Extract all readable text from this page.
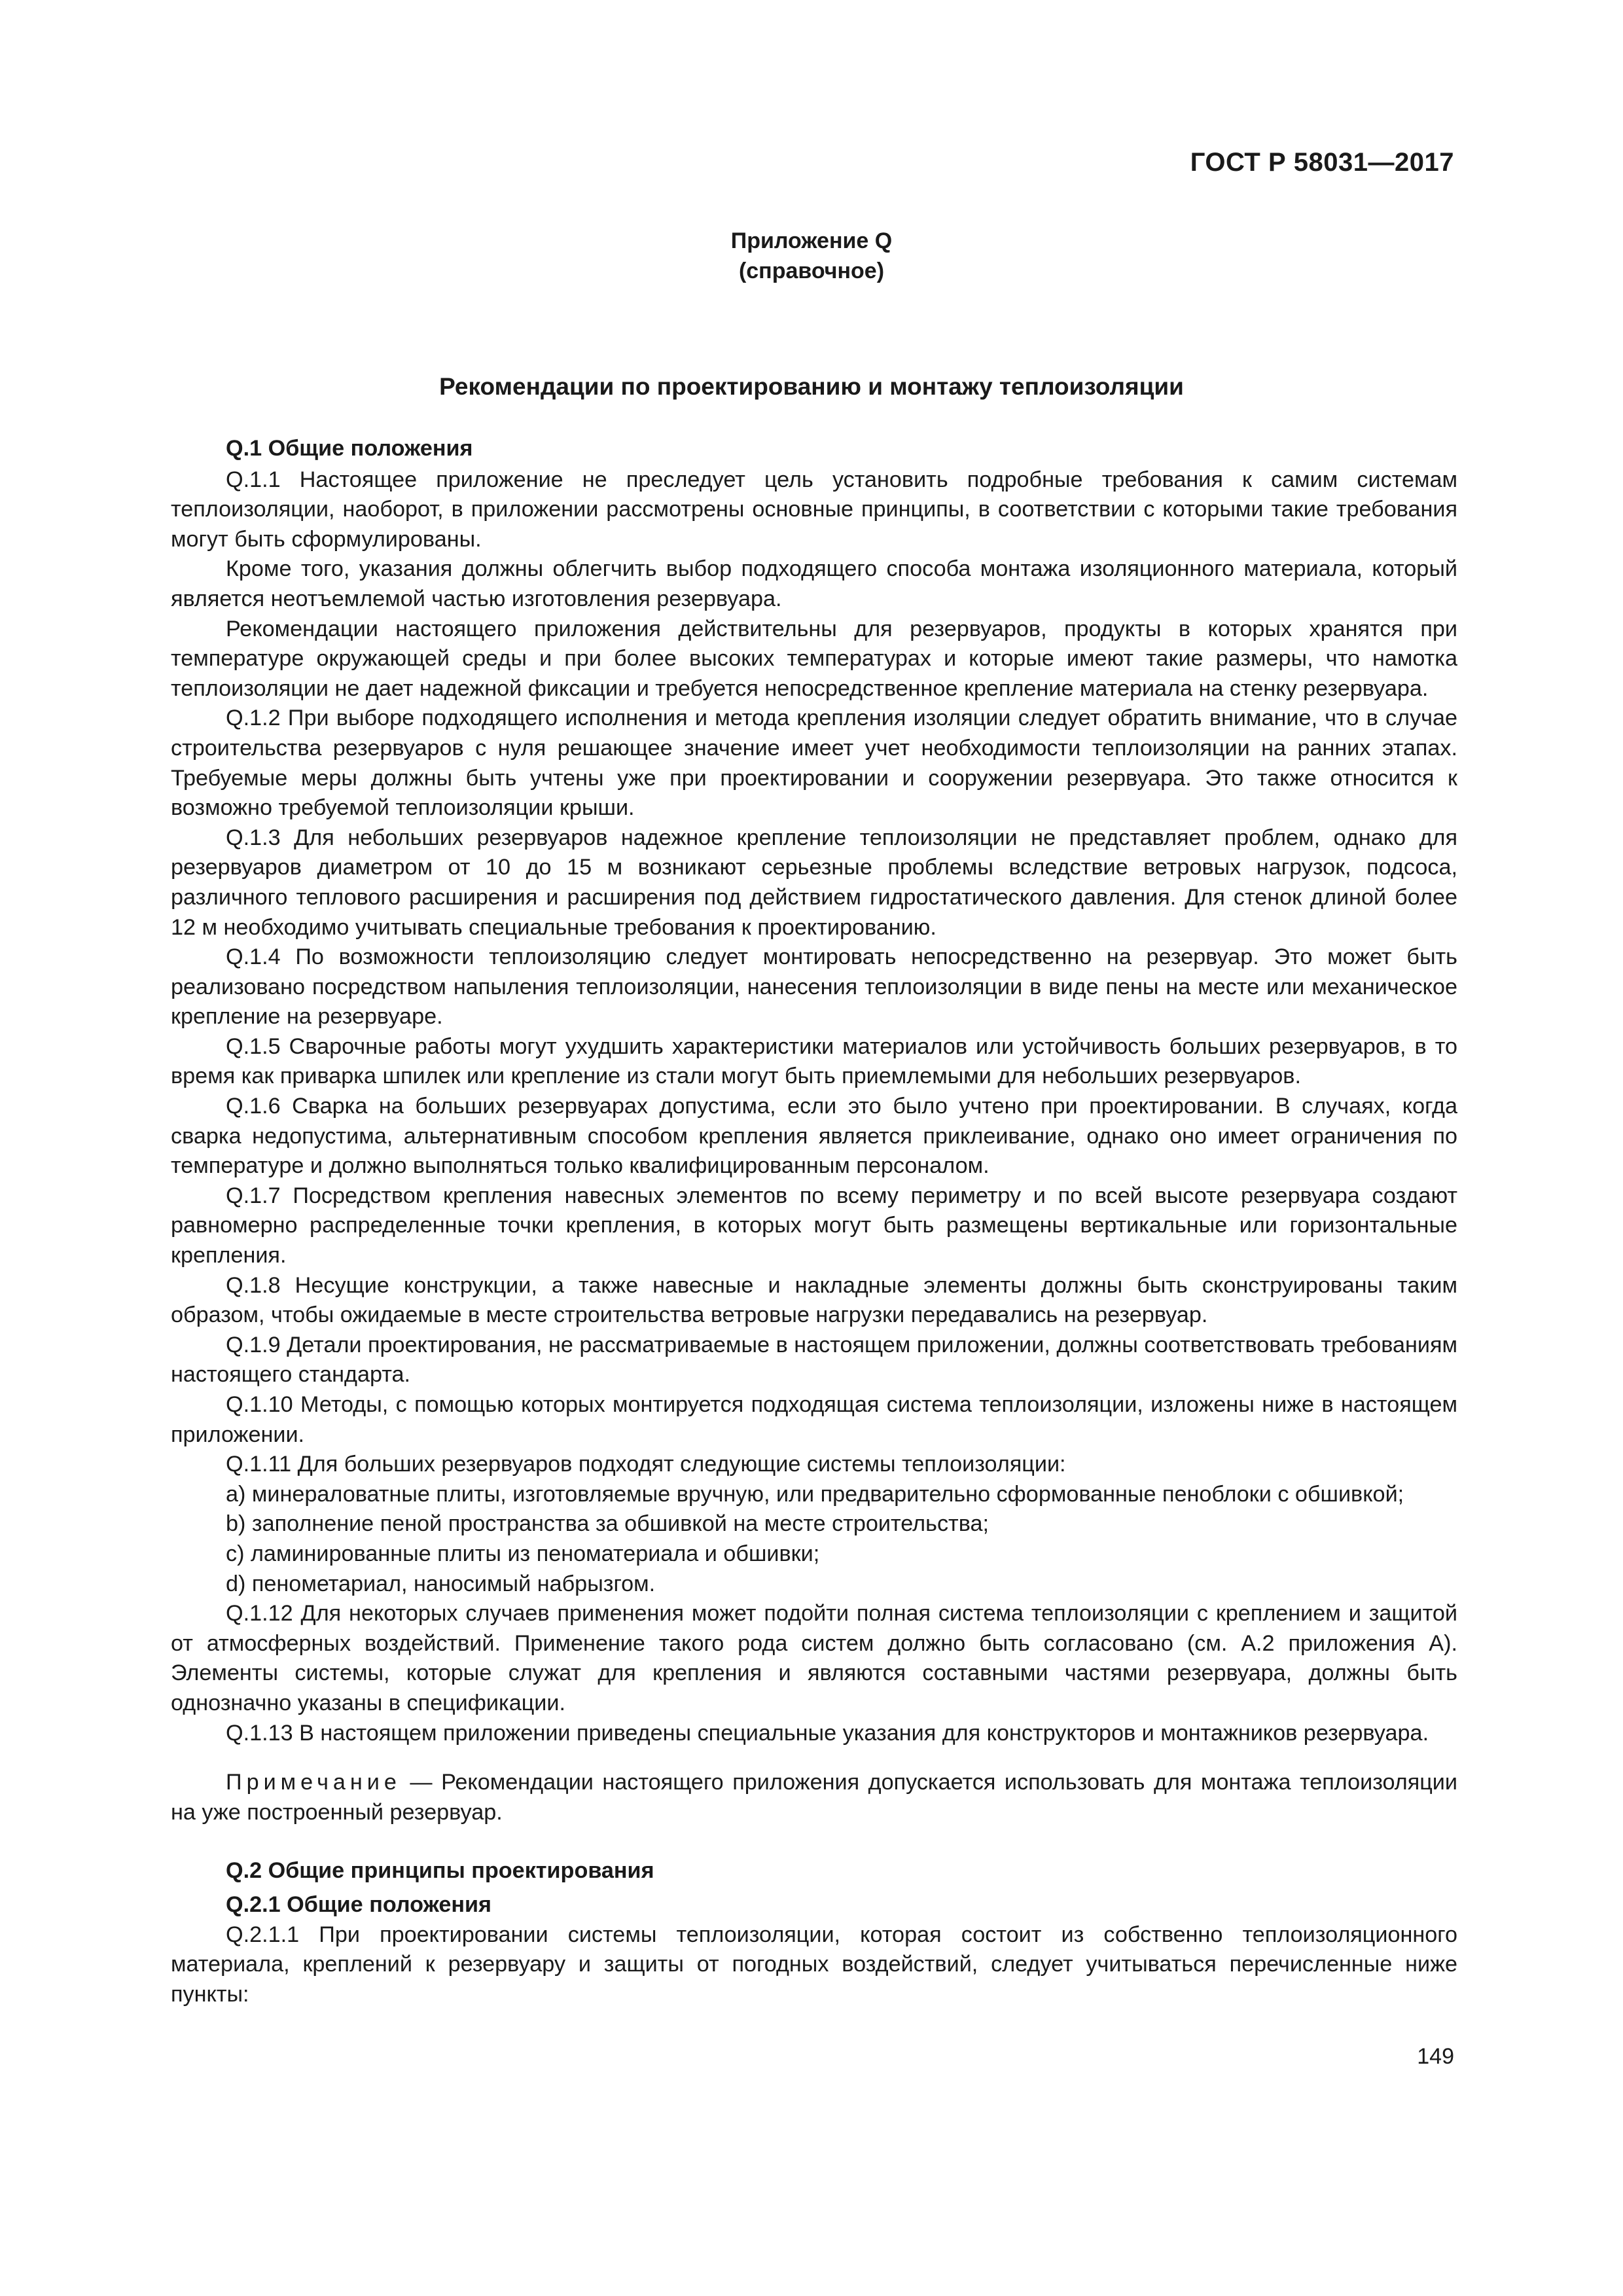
ГОСТ Р 58031—2017
Приложение Q
(справочное)
Рекомендации по проектированию и монтажу теплоизоляции

Q.1 Общие положения

Q.1.1 Настоящее приложение не преследует цель установить подробные требования к самим системам теплоизоляции, наоборот, в приложении рассмотрены основные принципы, в соответствии с которыми такие требования могут быть сформулированы.

Кроме того, указания должны облегчить выбор подходящего способа монтажа изоляционного материала, который является неотъемлемой частью изготовления резервуара.

Рекомендации настоящего приложения действительны для резервуаров, продукты в которых хранятся при температуре окружающей среды и при более высоких температурах и которые имеют такие размеры, что намотка теплоизоляции не дает надежной фиксации и требуется непосредственное крепление материала на стенку резервуара.

Q.1.2 При выборе подходящего исполнения и метода крепления изоляции следует обратить внимание, что в случае строительства резервуаров с нуля решающее значение имеет учет необходимости теплоизоляции на ранних этапах. Требуемые меры должны быть учтены уже при проектировании и сооружении резервуара. Это также относится к возможно требуемой теплоизоляции крыши.

Q.1.3 Для небольших резервуаров надежное крепление теплоизоляции не представляет проблем, однако для резервуаров диаметром от 10 до 15 м возникают серьезные проблемы вследствие ветровых нагрузок, подсоса, различного теплового расширения и расширения под действием гидростатического давления. Для стенок длиной более 12 м необходимо учитывать специальные требования к проектированию.

Q.1.4 По возможности теплоизоляцию следует монтировать непосредственно на резервуар. Это может быть реализовано посредством напыления теплоизоляции, нанесения теплоизоляции в виде пены на месте или механическое крепление на резервуаре.

Q.1.5 Сварочные работы могут ухудшить характеристики материалов или устойчивость больших резервуаров, в то время как приварка шпилек или крепление из стали могут быть приемлемыми для небольших резервуаров.

Q.1.6 Сварка на больших резервуарах допустима, если это было учтено при проектировании. В случаях, когда сварка недопустима, альтернативным способом крепления является приклеивание, однако оно имеет ограничения по температуре и должно выполняться только квалифицированным персоналом.

Q.1.7 Посредством крепления навесных элементов по всему периметру и по всей высоте резервуара создают равномерно распределенные точки крепления, в которых могут быть размещены вертикальные или горизонтальные крепления.

Q.1.8 Несущие конструкции, а также навесные и накладные элементы должны быть сконструированы таким образом, чтобы ожидаемые в месте строительства ветровые нагрузки передавались на резервуар.

Q.1.9 Детали проектирования, не рассматриваемые в настоящем приложении, должны соответствовать требованиям настоящего стандарта.

Q.1.10 Методы, с помощью которых монтируется подходящая система теплоизоляции, изложены ниже в настоящем приложении.

Q.1.11 Для больших резервуаров подходят следующие системы теплоизоляции:

a) минераловатные плиты, изготовляемые вручную, или предварительно сформованные пеноблоки с обшивкой;

b) заполнение пеной пространства за обшивкой на месте строительства;

c) ламинированные плиты из пеноматериала и обшивки;

d) пенометариал, наносимый набрызгом.

Q.1.12 Для некоторых случаев применения может подойти полная система теплоизоляции с креплением и защитой от атмосферных воздействий. Применение такого рода систем должно быть согласовано (см. А.2 приложения А). Элементы системы, которые служат для крепления и являются составными частями резервуара, должны быть однозначно указаны в спецификации.

Q.1.13 В настоящем приложении приведены специальные указания для конструкторов и монтажников резервуара.

Примечание — Рекомендации настоящего приложения допускается использовать для монтажа теплоизоляции на уже построенный резервуар.

Q.2 Общие принципы проектирования

Q.2.1 Общие положения

Q.2.1.1 При проектировании системы теплоизоляции, которая состоит из собственно теплоизоляционного материала, креплений к резервуару и защиты от погодных воздействий, следует учитываться перечисленные ниже пункты:

149
